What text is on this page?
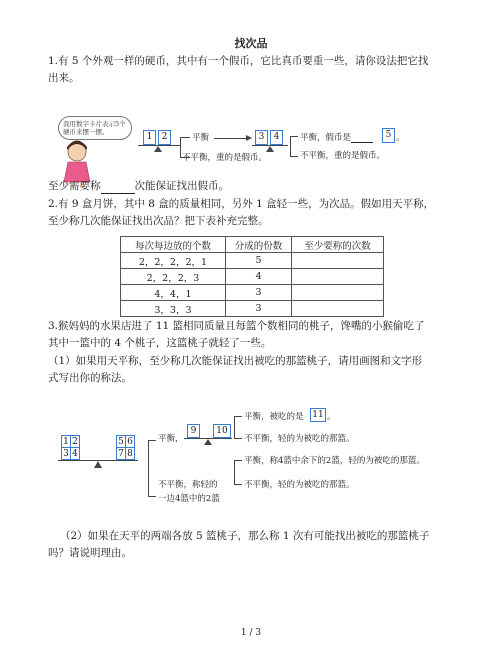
找次品
1.有 5 个外观一样的硬币，其中有一个假币，它比真币要重一些，请你设法把它找
出来。
我用数字卡片表示5个硬币来摆一摆。	1	2	平衡
不平衡，重的是假币。
3	4	平衡，假币是	5 。
不平衡，重的是假币。
至少需要称	次能保证找出假币。
2.有 9 盒月饼，其中 8 盒的质量相同，另外 1 盒轻一些，为次品。假如用天平称，
至少称几次能保证找出次品？把下表补充完整。
每次每边放的个数	分成的份数	至少要称的次数
2，2，2，2，1	5	
2，2，2，3	4	
4，4，1	3	
3，3，3	3	
3.猴妈妈的水果店进了 11 篮相同质量且每篮个数相同的桃子，馋嘴的小猴偷吃了
其中一篮中的 4 个桃子，这篮桃子就轻了一些。
（1）如果用天平称，至少称几次能保证找出被吃的那篮桃子，请用画图和文字形
式写出你的称法。
1 2
3 4
5 6
7 8
平衡，
9	10
平衡，被吃的是 11 。
不平衡，轻的为被吃的那篮。
不平衡，称轻的
一边4篮中的2篮
平衡，称4篮中余下的2篮，轻的为被吃的那篮。
不平衡，轻的为被吃的那篮。
（2）如果在天平的两端各放 5 篮桃子，那么称 1 次有可能找出被吃的那篮桃子
吗？请说明理由。
1 / 3
